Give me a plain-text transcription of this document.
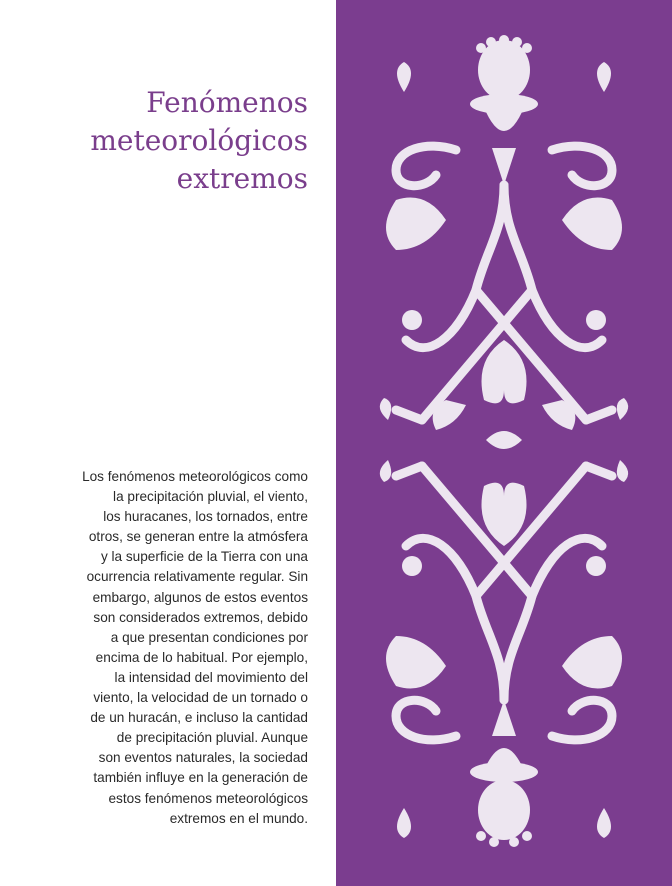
Fenómenos
meteorológicos
extremos

Los fenómenos meteorológicos como
la precipitación pluvial, el viento,
los huracanes, los tornados, entre
otros, se generan entre la atmósfera
y la superficie de la Tierra con una
ocurrencia relativamente regular. Sin
embargo, algunos de estos eventos
son considerados extremos, debido
a que presentan condiciones por
encima de lo habitual. Por ejemplo,
la intensidad del movimiento del
viento, la velocidad de un tornado o
de un huracán, e incluso la cantidad
de precipitación pluvial. Aunque
son eventos naturales, la sociedad
también influye en la generación de
estos fenómenos meteorológicos
extremos en el mundo.
